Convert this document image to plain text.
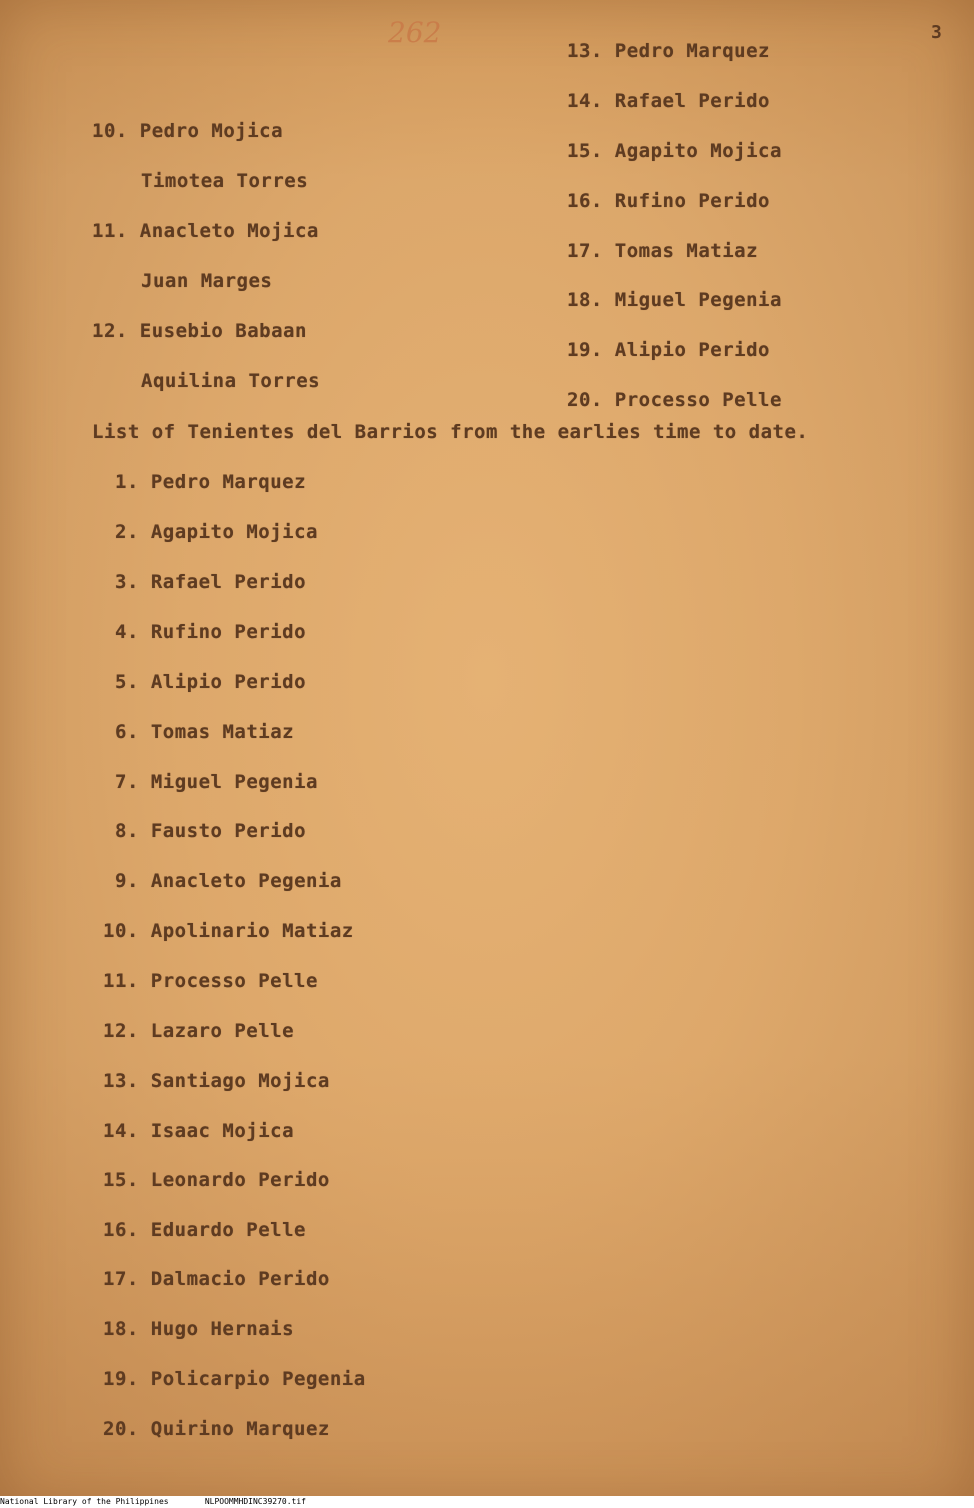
262	3
10. Pedro Mojica
Timotea Torres
11. Anacleto Mojica
Juan Marges
12. Eusebio Babaan
Aquilina Torres
13. Pedro Marquez
14. Rafael Perido
15. Agapito Mojica
16. Rufino Perido
17. Tomas Matiaz
18. Miguel Pegenia
19. Alipio Perido
20. Processo Pelle
List of Tenientes del Barrios from the earlies time to date.
1. Pedro Marquez
2. Agapito Mojica
3. Rafael Perido
4. Rufino Perido
5. Alipio Perido
6. Tomas Matiaz
7. Miguel Pegenia
8. Fausto Perido
9. Anacleto Pegenia
10. Apolinario Matiaz
11. Processo Pelle
12. Lazaro Pelle
13. Santiago Mojica
14. Isaac Mojica
15. Leonardo Perido
16. Eduardo Pelle
17. Dalmacio Perido
18. Hugo Hernais
19. Policarpio Pegenia
20. Quirino Marquez
National Library of the Philippines	NLPOOMMHDINC39270.tif
